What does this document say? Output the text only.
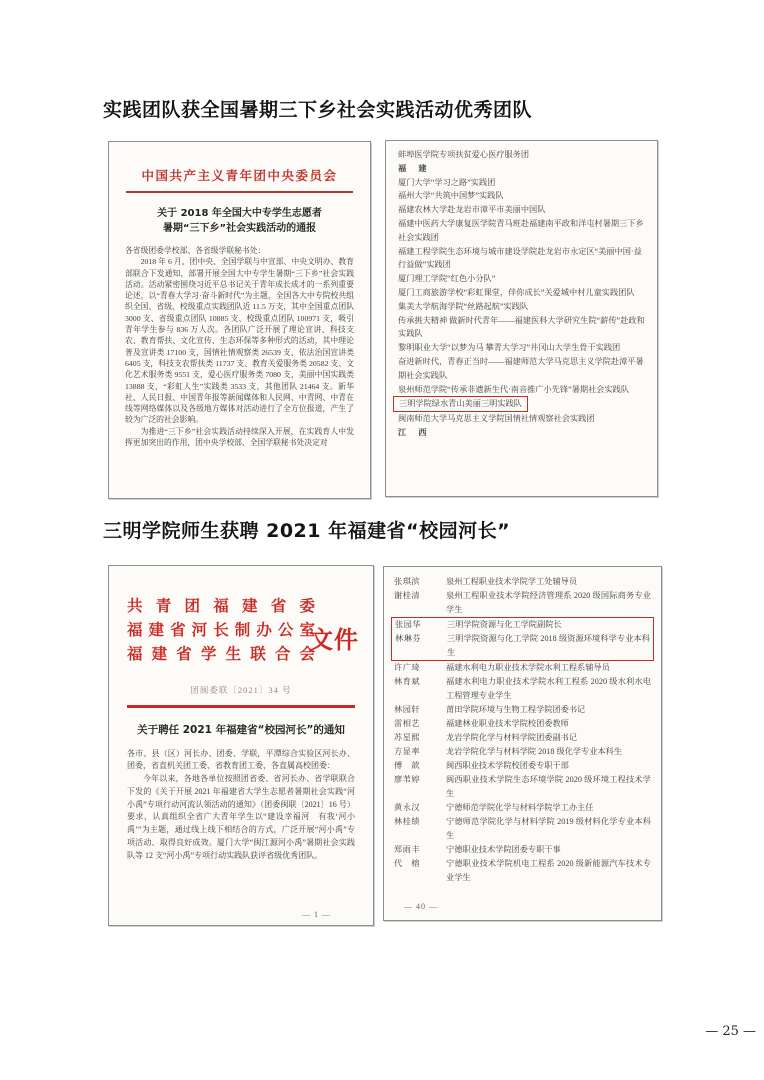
实践团队获全国暑期三下乡社会实践活动优秀团队
中国共产主义青年团中央委员会
关于 2018 年全国大中专学生志愿者
暑期“三下乡”社会实践活动的通报
各省级团委学校部、各省级学联秘书处：
2018 年 6 月，团中央、全国学联与中宣部、中央文明办、教育部联合下发通知，部署开展全国大中专学生暑期“三下乡”社会实践活动。活动紧密围绕习近平总书记关于青年成长成才的一系列重要论述，以“青春大学习·奋斗新时代”为主题，全国各大中专院校共组织全国、省级、校级重点实践团队近 11.5 万支，其中全国重点团队 3000 支、省级重点团队 10885 支、校级重点团队 100971 支，吸引青年学生参与 836 万人次。各团队广泛开展了理论宣讲、科技支农、教育帮扶、文化宣传、生态环保等多种形式的活动，其中理论普及宣讲类 17100 支，国情社情观察类 26539 支、依法治国宣讲类 6405 支，科技支农帮扶类 11737 支、教育关爱服务类 20582 支、文化艺术服务类 9551 支，爱心医疗服务类 7080 支，美丽中国实践类 13888 支，“彩虹人生”实践类 3533 支，其他团队 21464 支。新华社、人民日报、中国青年报等新闻媒体和人民网、中青网、中青在线等网络媒体以及各级地方媒体对活动进行了全方位报道，产生了较为广泛的社会影响。
为推进“三下乡”社会实践活动持续深入开展，在实践育人中发挥更加突出的作用，团中央学校部、全国学联秘书处决定对
蚌埠医学院专项扶贫爱心医疗服务团
福　建
厦门大学“学习之路”实践团
福州大学“共筑中国梦”实践队
福建农林大学赴龙岩市漳平市美丽中国队
福建中医药大学康复医学院青马班赴福建南平政和洋屯村暑期三下乡社会实践团
福建工程学院生态环境与城市建设学院赴龙岩市永定区“美丽中国·益行益做”实践团
厦门理工学院“红色小分队”
厦门工商旅游学校“彩虹课堂，伴你成长”关爱城中村儿童实践团队
集美大学航海学院“丝路起航”实践队
传承挑夫精神 做新时代青年——福建医科大学研究生院“薪传”赴政和实践队
黎明职业大学“以梦为马 攀青大学习”井冈山大学生骨干实践团
奋进新时代，青春正当时——福建师范大学马克思主义学院赴漳平暑期社会实践队
泉州师范学院“传承非遗新生代·南音推广小先锋”暑期社会实践队
三明学院绿水青山美丽三明实践队
闽南师范大学马克思主义学院国情社情观察社会实践团
江　西
三明学院师生获聘 2021 年福建省“校园河长”
共青团福建省委
福建省河长制办公室
福建省学生联合会
文件
团闽委联〔2021〕34 号
关于聘任 2021 年福建省“校园河长”的通知
各市、县（区）河长办、团委、学联，平潭综合实验区河长办、团委，省直机关团工委、省教育团工委，各直属高校团委：
今年以来，各地各单位按照团省委、省河长办、省学联联合下发的《关于开展 2021 年福建省大学生志愿者暑期社会实践“河小禹”专项行动河流认领活动的通知》（团委闽联〔2021〕16 号）要求，认真组织全省广大青年学生以“建设幸福河　有我‘河小禹’”为主题，通过线上线下相结合的方式，广泛开展“河小禹”专项活动、取得良好成效。厦门大学“闽江源河小禹”暑期社会实践队等 12 支“河小禹”专项行动实践队获评省级优秀团队。
— 1 —
— 40 —
张琪滨	泉州工程职业技术学院学工处辅导员
谢桂清	泉州工程职业技术学院经济管理系 2020 级国际商务专业学生
张园华	三明学院资源与化工学院副院长
林琳芬	三明学院资源与化工学院 2018 级资源环境科学专业本科生
许广琦	福建水利电力职业技术学院水利工程系辅导员
林育斌	福建水利电力职业技术学院水利工程系 2020 级水利水电工程管理专业学生
林园轩	莆田学院环境与生物工程学院团委书记
雷相艺	福建林业职业技术学院校团委教师
苏星熙	龙岩学院化学与材料学院团委副书记
方显率	龙岩学院化学与材料学院 2018 级化学专业本科生
傅　歆	闽西职业技术学院校团委专职干部
廖苇婷	闽西职业技术学院生态环境学院 2020 级环境工程技术学生
黄永汉	宁德师范学院化学与材料学院学工办主任
林桂绩	宁德师范学院化学与材料学院 2019 级材料化学专业本科生
郑雨丰	宁德职业技术学院团委专职干事
代　榕	宁德职业技术学院机电工程系 2020 级新能源汽车技术专业学生
— 25 —
